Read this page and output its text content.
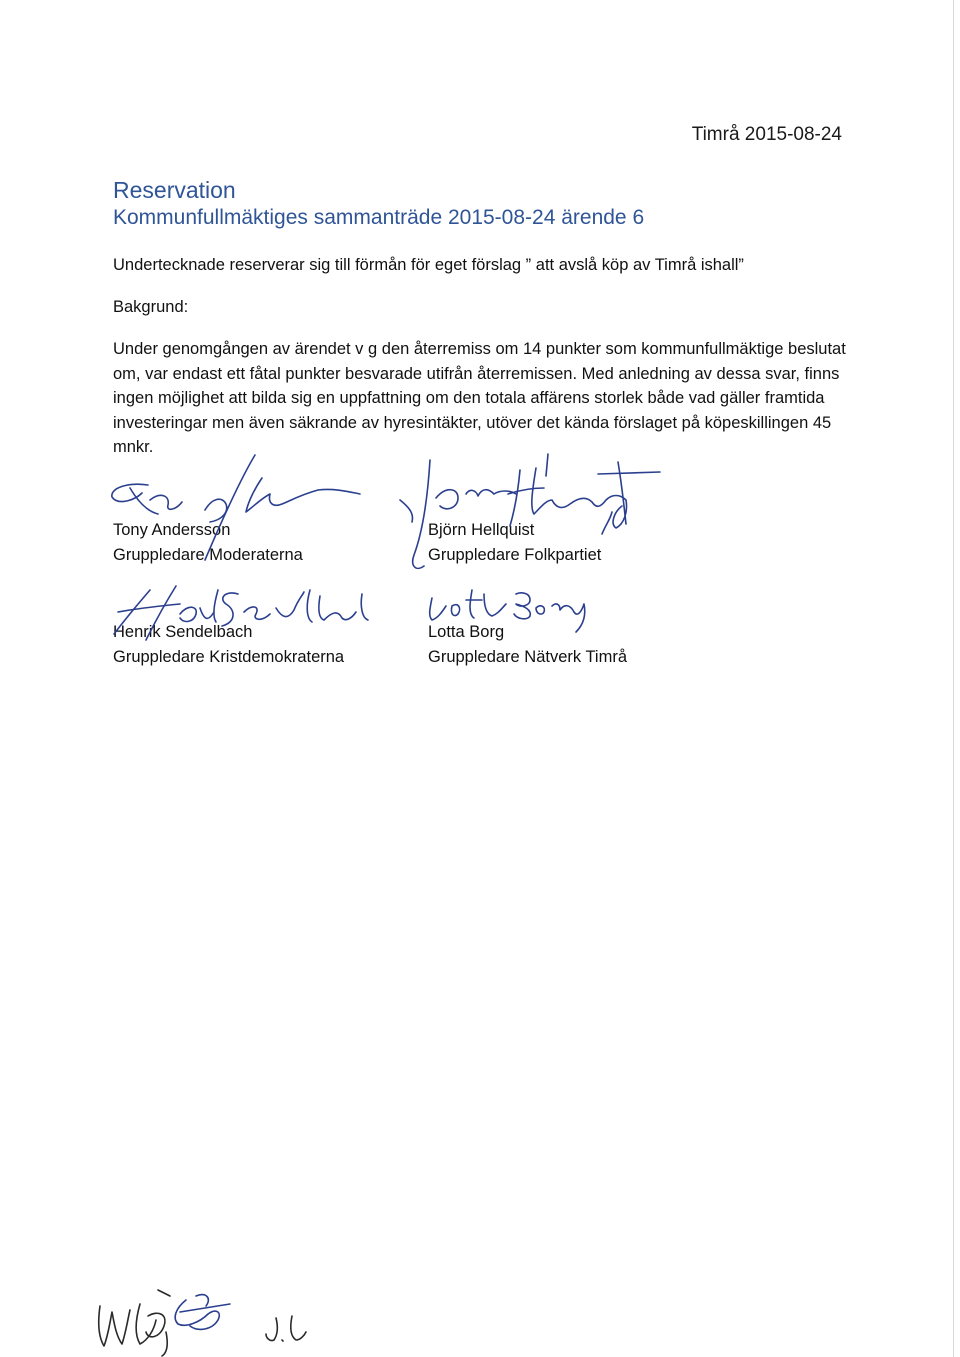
Timrå 2015-08-24
Reservation
Kommunfullmäktiges sammanträde 2015-08-24 ärende 6

Undertecknade reserverar sig till förmån för eget förslag ” att avslå köp av Timrå ishall”

Bakgrund:

Under genomgången av ärendet v g den återremiss om 14 punkter som kommunfullmäktige beslutat om, var endast ett fåtal punkter besvarade utifrån återremissen. Med anledning av dessa svar, finns ingen möjlighet att bilda sig en uppfattning om den totala affärens storlek både vad gäller framtida investeringar men även säkrande av hyresintäkter, utöver det kända förslaget på köpeskillingen 45 mnkr.

Tony Andersson
Gruppledare Moderaterna
Björn Hellquist
Gruppledare Folkpartiet
Henrik Sendelbach
Gruppledare Kristdemokraterna
Lotta Borg
Gruppledare Nätverk Timrå
